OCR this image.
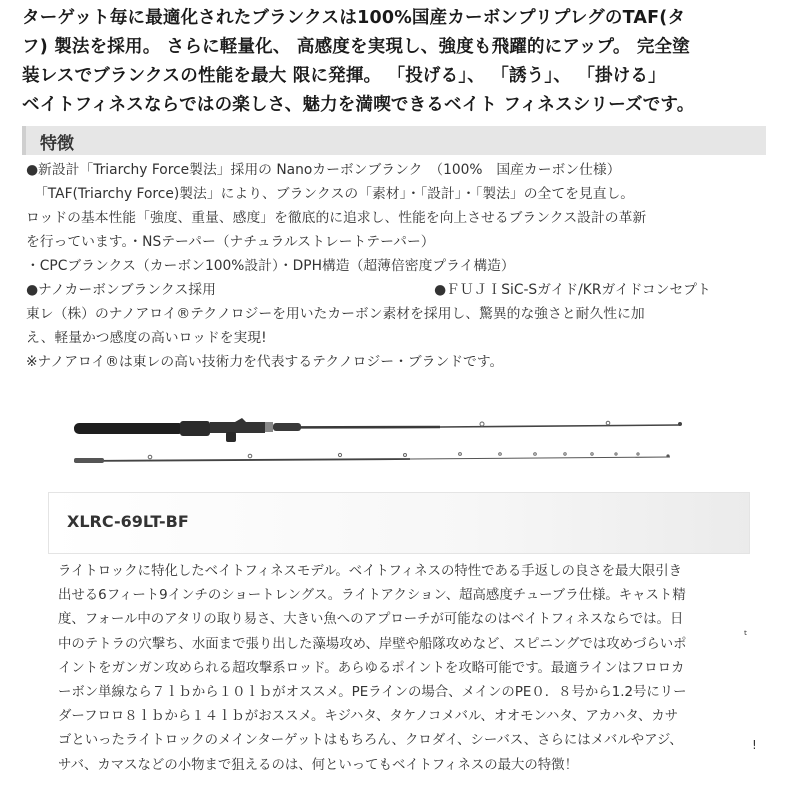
ターゲット毎に最適化されたブランクスは100%国産カーボンプリプレグのTAF(タ
フ) 製法を採用。 さらに軽量化、 高感度を実現し、強度も飛躍的にアップ。 完全塗
装レスでブランクスの性能を最大 限に発揮。 「投げる」、 「誘う」、 「掛ける」
ベイトフィネスならではの楽しさ、魅力を満喫できるベイト フィネスシリーズです。
特徴
●新設計「Triarchy Force製法」採用の Nanoカーボンブランク　（100%　国産カーボン仕様）
「TAF(Triarchy Force)製法」により、ブランクスの「素材」・「設計」・「製法」の全てを見直し。
ロッドの基本性能「強度、重量、感度」を徹底的に追求し、性能を向上させるブランクス設計の革新
を行っています。・NSテーパー（ナチュラルストレートテーパー）
・CPCブランクス（カーボン100%設計）・DPH構造（超薄倍密度プライ構造）
●ナノカーボンブランクス採用	●ＦＵＪＩSiC-Sガイド/KRガイドコンセプト
東レ（株）のナノアロイ®テクノロジーを用いたカーボン素材を採用し、驚異的な強さと耐久性に加
え、軽量かつ感度の高いロッドを実現!
※ナノアロイ®は東レの高い技術力を代表するテクノロジー・ブランドです。
XLRC-69LT-BF
ライトロックに特化したベイトフィネスモデル。ベイトフィネスの特性である手返しの良さを最大限引き
出せる6フィート9インチのショートレングス。ライトアクション、超高感度チューブラ仕様。キャスト精
度、フォール中のアタリの取り易さ、大きい魚へのアプローチが可能なのはベイトフィネスならでは。日
中のテトラの穴撃ち、水面まで張り出した藻場攻め、岸壁や船隊攻めなど、スピニングでは攻めづらいポ
イントをガンガン攻められる超攻撃系ロッド。あらゆるポイントを攻略可能です。最適ラインはフロロカ
ーボン単線なら７ｌｂから１０ｌｂがオススメ。PEラインの場合、メインのPE０．８号から1.2号にリー
ダーフロロ８ｌｂから１４ｌｂがおススメ。キジハタ、タケノコメバル、オオモンハタ、アカハタ、カサ
ゴといったライトロックのメインターゲットはもちろん、クロダイ、シーバス、さらにはメバルやアジ、
サバ、カマスなどの小物まで狙えるのは、何といってもベイトフィネスの最大の特徴！
ᵗ
!
